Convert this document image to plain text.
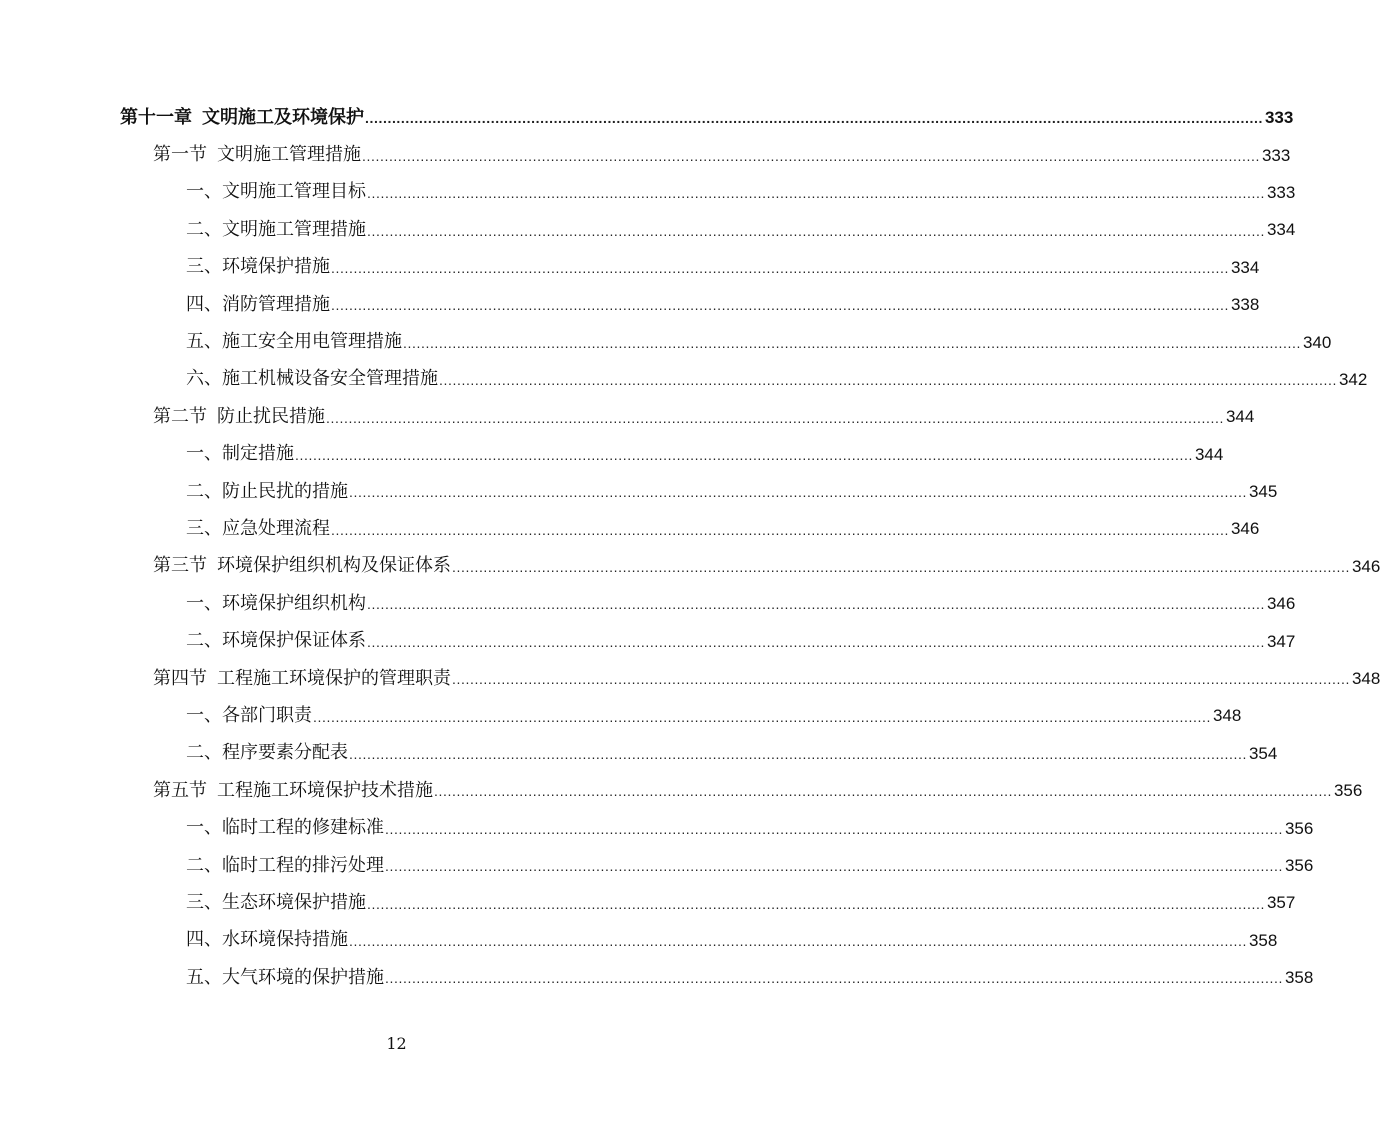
第十一章 文明施工及环境保护 ........................................................................................................................................................................................................ 333
第一节 文明施工管理措施 ........................................................................................................................................................................................................ 333
一、文明施工管理目标 ........................................................................................................................................................................................................ 333
二、文明施工管理措施 ........................................................................................................................................................................................................ 334
三、环境保护措施 ........................................................................................................................................................................................................ 334
四、消防管理措施 ........................................................................................................................................................................................................ 338
五、施工安全用电管理措施 ........................................................................................................................................................................................................ 340
六、施工机械设备安全管理措施 ........................................................................................................................................................................................................ 342
第二节 防止扰民措施 ........................................................................................................................................................................................................ 344
一、制定措施 ........................................................................................................................................................................................................ 344
二、防止民扰的措施 ........................................................................................................................................................................................................ 345
三、应急处理流程 ........................................................................................................................................................................................................ 346
第三节 环境保护组织机构及保证体系 ........................................................................................................................................................................................................ 346
一、环境保护组织机构 ........................................................................................................................................................................................................ 346
二、环境保护保证体系 ........................................................................................................................................................................................................ 347
第四节 工程施工环境保护的管理职责 ........................................................................................................................................................................................................ 348
一、各部门职责 ........................................................................................................................................................................................................ 348
二、程序要素分配表 ........................................................................................................................................................................................................ 354
第五节 工程施工环境保护技术措施 ........................................................................................................................................................................................................ 356
一、临时工程的修建标准 ........................................................................................................................................................................................................ 356
二、临时工程的排污处理 ........................................................................................................................................................................................................ 356
三、生态环境保护措施 ........................................................................................................................................................................................................ 357
四、水环境保持措施 ........................................................................................................................................................................................................ 358
五、大气环境的保护措施 ........................................................................................................................................................................................................ 358
12
